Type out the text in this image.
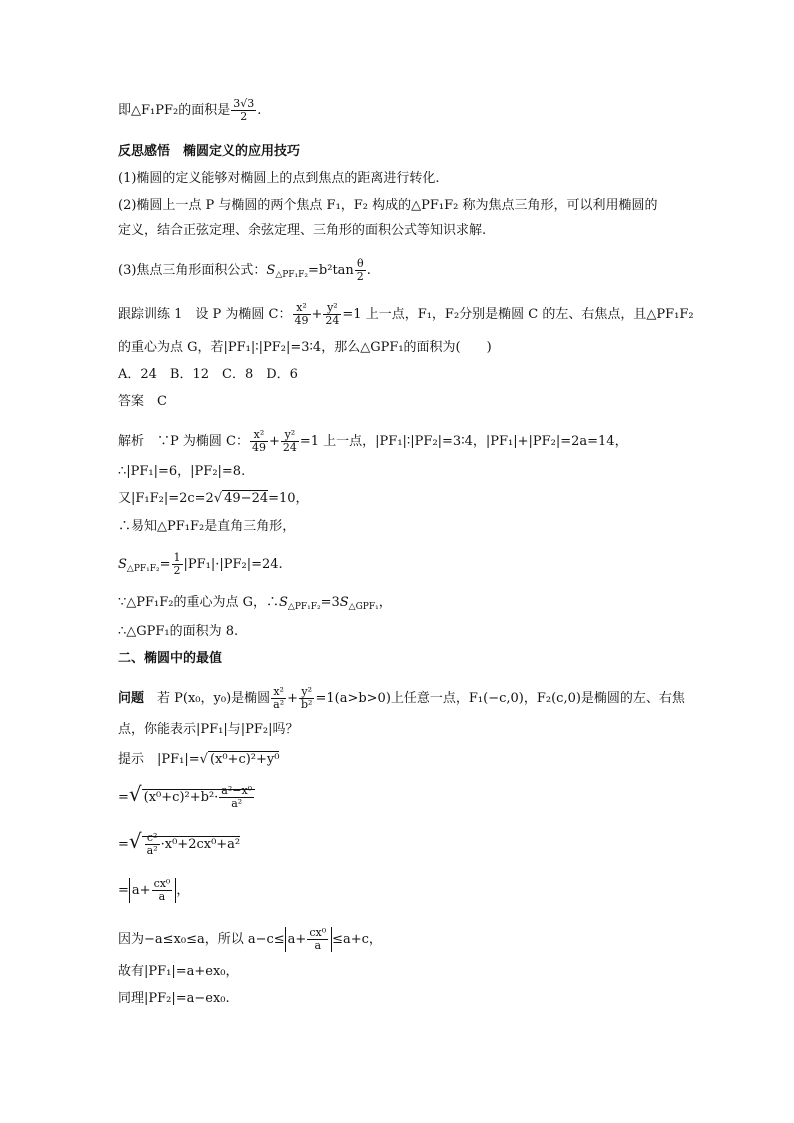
即△F₁PF₂的面积是 $\frac{3√3}{2}$ .
反思感悟　椭圆定义的应用技巧
(1)椭圆的定义能够对椭圆上的点到焦点的距离进行转化.
(2)椭圆上一点 P 与椭圆的两个焦点 F₁，F₂ 构成的△PF₁F₂ 称为焦点三角形，可以利用椭圆的
定义，结合正弦定理、余弦定理、三角形的面积公式等知识求解.
(3)焦点三角形面积公式：$S_{\triangle PF_1F_2}=b^2\tan \frac{\theta}{2}$ .
跟踪训练 1　设 P 为椭圆 C： $\frac{\text{x²}}{49} + \frac{\text{y²}}{24} =1$ 上一点，F₁，F₂分别是椭圆 C 的左、右焦点，且△PF₁F₂
的重心为点 G，若|PF₁|∶|PF₂|=3∶4，那么△GPF₁的面积为(　　)
A．24　B．12　C．8　D．6
答案　C
解析　∵P 为椭圆 C： $\frac{\text{x²}}{49} + \frac{\text{y²}}{24} =1$ 上一点，|PF₁|∶|PF₂|=3∶4，|PF₁|+|PF₂|=2a=14，
∴|PF₁|=6，|PF₂|=8.
又|F₁F₂|=2c=2√ 49−24=10，
∴易知△PF₁F₂是直角三角形，
$S_{\triangle PF_1F_2}= \frac{1}{2} |PF_1|\cdot|PF_2|=24$.
∵△PF₁F₂的重心为点 G，$\therefore S_{\triangle PF_1F_2}=3S_{\triangle GPF_1}$，
∴△GPF₁的面积为 8.
二、椭圆中的最值
问题　若 P(x₀，y₀)是椭圆 $\frac{\text{x²}}{\text{a²}} + \frac{\text{y²}}{\text{b²}} =1(a>b>0)$上任意一点，F₁(−c,0)，F₂(c,0)是椭圆的左、右焦
点，你能表示|PF₁|与|PF₂|吗？
提示　|PF₁|=√ (x⁰+c)²+y⁰
=√ $(x^0+c)^2+b^2\cdot \frac{\text{a²−x⁰}}{\text{a²}}$
=√ $\frac{\text{c²}}{\text{a²}} \cdot x^0+2cx^0+a^2$
= $a+ \frac{\text{cx⁰}}{a}$ ，
因为−a≤x₀≤a，所以 $a-c\le a+ \frac{\text{cx⁰}}{a} \le a+c$，
故有|PF₁|=a+ex₀，
同理|PF₂|=a−ex₀.
